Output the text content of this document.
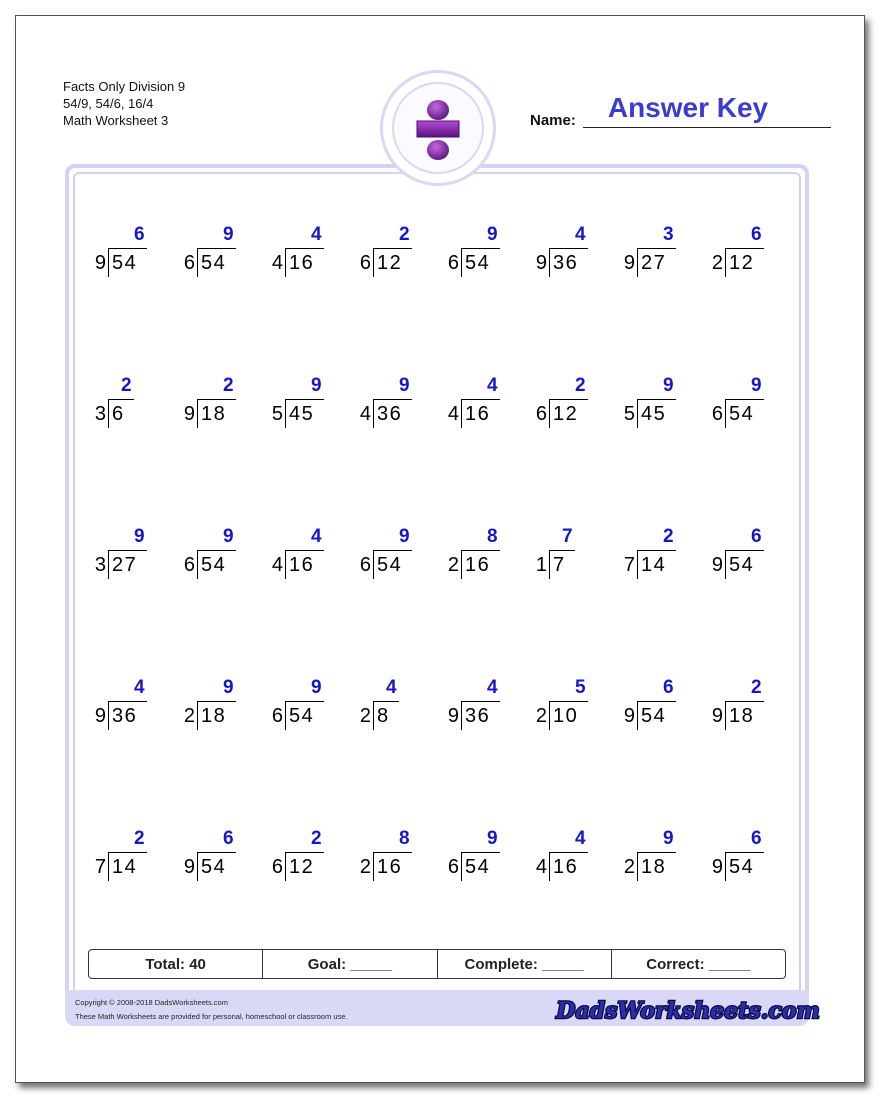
Facts Only Division 9
54/9, 54/6, 16/4
Math Worksheet 3	Name:	Answer Key
6
9 54
9
6 54
4
4 16
2
6 12
9
6 54
4
9 36
3
9 27
6
2 12
2
3 6
2
9 18
9
5 45
9
4 36
4
4 16
2
6 12
9
5 45
9
6 54
9
3 27
9
6 54
4
4 16
9
6 54
8
2 16
7
1 7
2
7 14
6
9 54
4
9 36
9
2 18
9
6 54
4
2 8
4
9 36
5
2 10
6
9 54
2
9 18
2
7 14
6
9 54
2
6 12
8
2 16
9
6 54
4
4 16
9
2 18
6
9 54
Total: 40	Goal: _____	Complete: _____	Correct: _____
Copyright © 2008-2018 DadsWorksheets.com
These Math Worksheets are provided for personal, homeschool or classroom use.	DadsWorksheets.com
